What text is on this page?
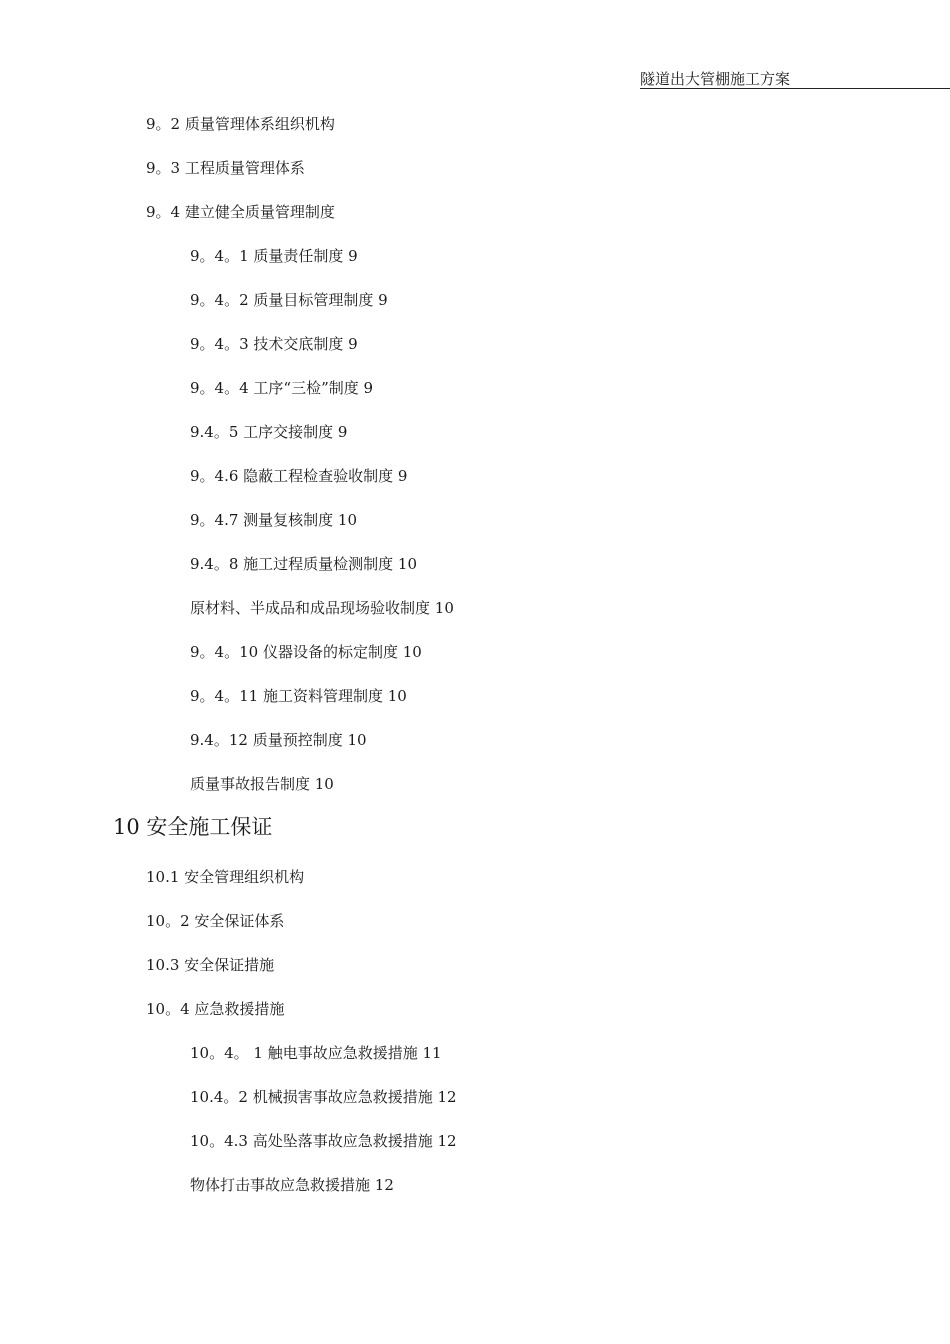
隧道出大管棚施工方案
9。2 质量管理体系组织机构
9。3 工程质量管理体系
9。4 建立健全质量管理制度
9。4。1 质量责任制度 9
9。4。2 质量目标管理制度 9
9。4。3 技术交底制度 9
9。4。4 工序“三检”制度 9
9.4。5 工序交接制度 9
9。4.6 隐蔽工程检查验收制度 9
9。4.7 测量复核制度 10
9.4。8 施工过程质量检测制度 10
原材料、半成品和成品现场验收制度 10
9。4。10 仪器设备的标定制度 10
9。4。11 施工资料管理制度 10
9.4。12 质量预控制度 10
质量事故报告制度 10
10 安全施工保证
10.1 安全管理组织机构
10。2 安全保证体系
10.3 安全保证措施
10。4 应急救援措施
10。4。 1 触电事故应急救援措施 11
10.4。2 机械损害事故应急救援措施 12
10。4.3 高处坠落事故应急救援措施 12
物体打击事故应急救援措施 12
